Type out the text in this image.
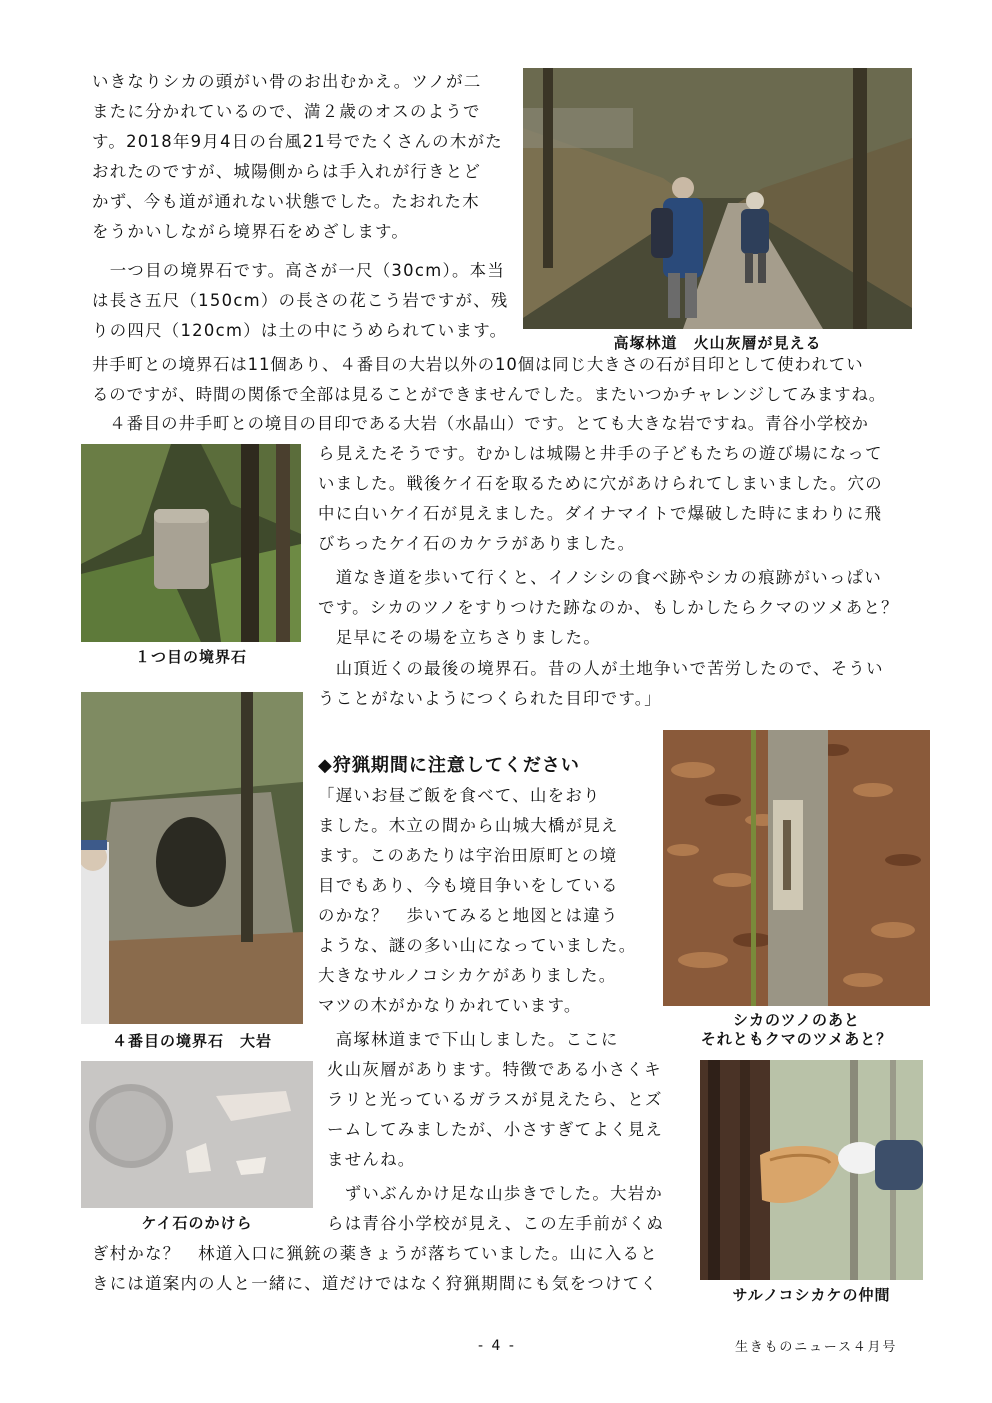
いきなりシカの頭がい骨のお出むかえ。ツノが二

またに分かれているので、満２歳のオスのようで

す。2018年9月4日の台風21号でたくさんの木がた

おれたのですが、城陽側からは手入れが行きとど

かず、今も道が通れない状態でした。たおれた木

をうかいしながら境界石をめざします。

　一つ目の境界石です。高さが一尺（30cm）。本当

は長さ五尺（150cm）の長さの花こう岩ですが、残

りの四尺（120cm）は土の中にうめられています。

高塚林道　火山灰層が見える

井手町との境界石は11個あり、４番目の大岩以外の10個は同じ大きさの石が目印として使われてい

るのですが、時間の関係で全部は見ることができませんでした。またいつかチャレンジしてみますね。

　４番目の井手町との境目の目印である大岩（水晶山）です。とても大きな岩ですね。青谷小学校か

１つ目の境界石

ら見えたそうです。むかしは城陽と井手の子どもたちの遊び場になって

いました。戦後ケイ石を取るために穴があけられてしまいました。穴の

中に白いケイ石が見えました。ダイナマイトで爆破した時にまわりに飛

びちったケイ石のカケラがありました。

　道なき道を歩いて行くと、イノシシの食べ跡やシカの痕跡がいっぱい

です。シカのツノをすりつけた跡なのか、もしかしたらクマのツメあと？

　足早にその場を立ちさりました。

　山頂近くの最後の境界石。昔の人が土地争いで苦労したので、そうい

うことがないようにつくられた目印です。」

４番目の境界石　大岩
◆狩猟期間に注意してください

「遅いお昼ご飯を食べて、山をおり

ました。木立の間から山城大橋が見え

ます。このあたりは宇治田原町との境

目でもあり、今も境目争いをしている

のかな？　歩いてみると地図とは違う

ような、謎の多い山になっていました。

大きなサルノコシカケがありました。

マツの木がかなりかれています。

　高塚林道まで下山しました。ここに

シカのツノのあと
それともクマのツメあと？
ケイ石のかけら

火山灰層があります。特徴である小さくキ

ラリと光っているガラスが見えたら、とズ

ームしてみましたが、小さすぎてよく見え

ませんね。

　ずいぶんかけ足な山歩きでした。大岩か

らは青谷小学校が見え、この左手前がくぬ

サルノコシカケの仲間

ぎ村かな？　林道入口に猟銃の薬きょうが落ちていました。山に入ると

きには道案内の人と一緒に、道だけではなく狩猟期間にも気をつけてく

- 4 -	生きものニュース４月号
